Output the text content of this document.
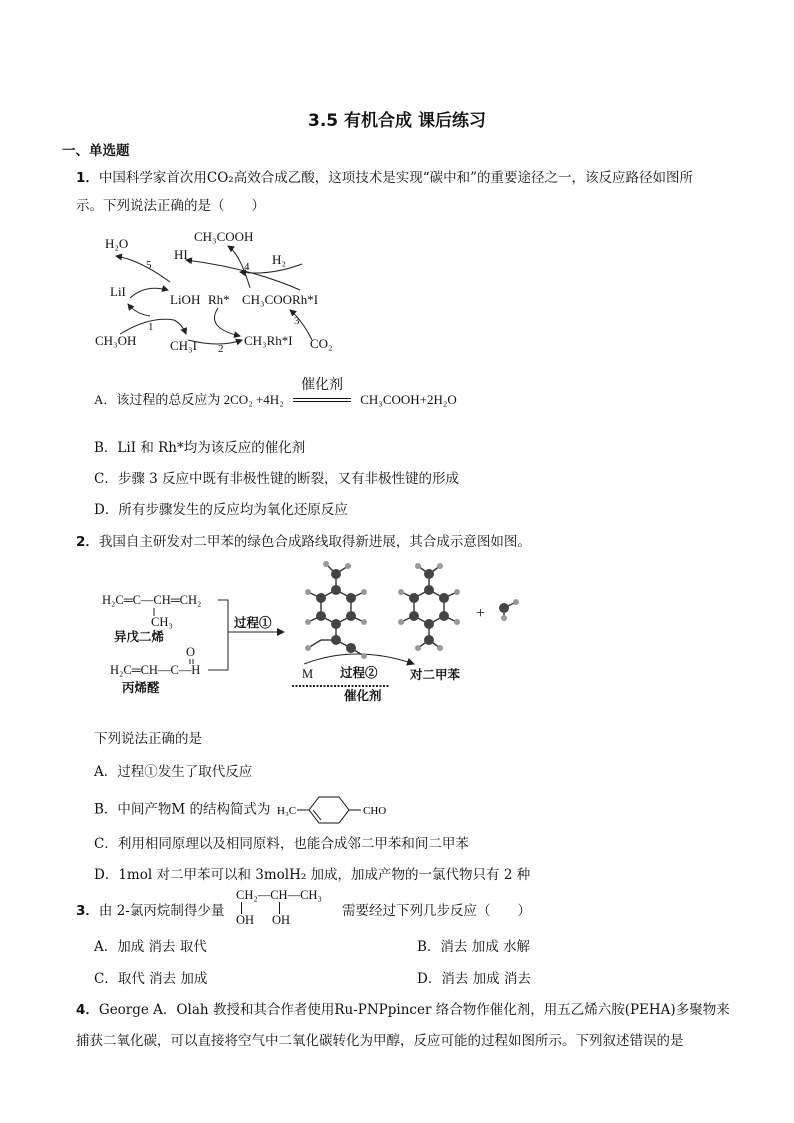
3.5 有机合成 课后练习
一、单选题
1．中国科学家首次用CO₂高效合成乙酸，这项技术是实现“碳中和”的重要途径之一，该反应路径如图所
示。下列说法正确的是（　　）
H₂O
HI
CH₃COOH
H₂
LiI
LiOH Rh* CH₃COORh*I
CH₃OH	CH₃I	CH₃Rh*I CO₂
1
2
3
4
5
A．该过程的总反应为 2CO₂ +4H₂
催化剂
CH₃COOH+2H₂O
B．LiI 和 Rh*均为该反应的催化剂
C．步骤 3 反应中既有非极性键的断裂，又有非极性键的形成
D．所有步骤发生的反应均为氧化还原反应
2．我国自主研发对二甲苯的绿色合成路线取得新进展，其合成示意图如图。
H₂C═C—CH═CH₂
CH₃
异戊二烯
O
H₂C═CH—C—H
丙烯醛
过程①
M 过程②
催化剂
对二甲苯
+
下列说法正确的是
A．过程①发生了取代反应
B．中间产物M 的结构简式为 H₃C	CHO
C．利用相同原理以及相同原料，也能合成邻二甲苯和间二甲苯
D．1mol 对二甲苯可以和 3molH₂ 加成，加成产物的一氯代物只有 2 种
3．由 2-氯丙烷制得少量
CH₂—CH—CH₃
OH OH
需要经过下列几步反应（　　）
A．加成 消去 取代	B．消去 加成 水解
C．取代 消去 加成	D．消去 加成 消去
4．George A．Olah 教授和其合作者使用Ru-PNPpincer 络合物作催化剂，用五乙烯六胺(PEHA)多聚物来
捕获二氧化碳，可以直接将空气中二氧化碳转化为甲醇，反应可能的过程如图所示。下列叙述错误的是
